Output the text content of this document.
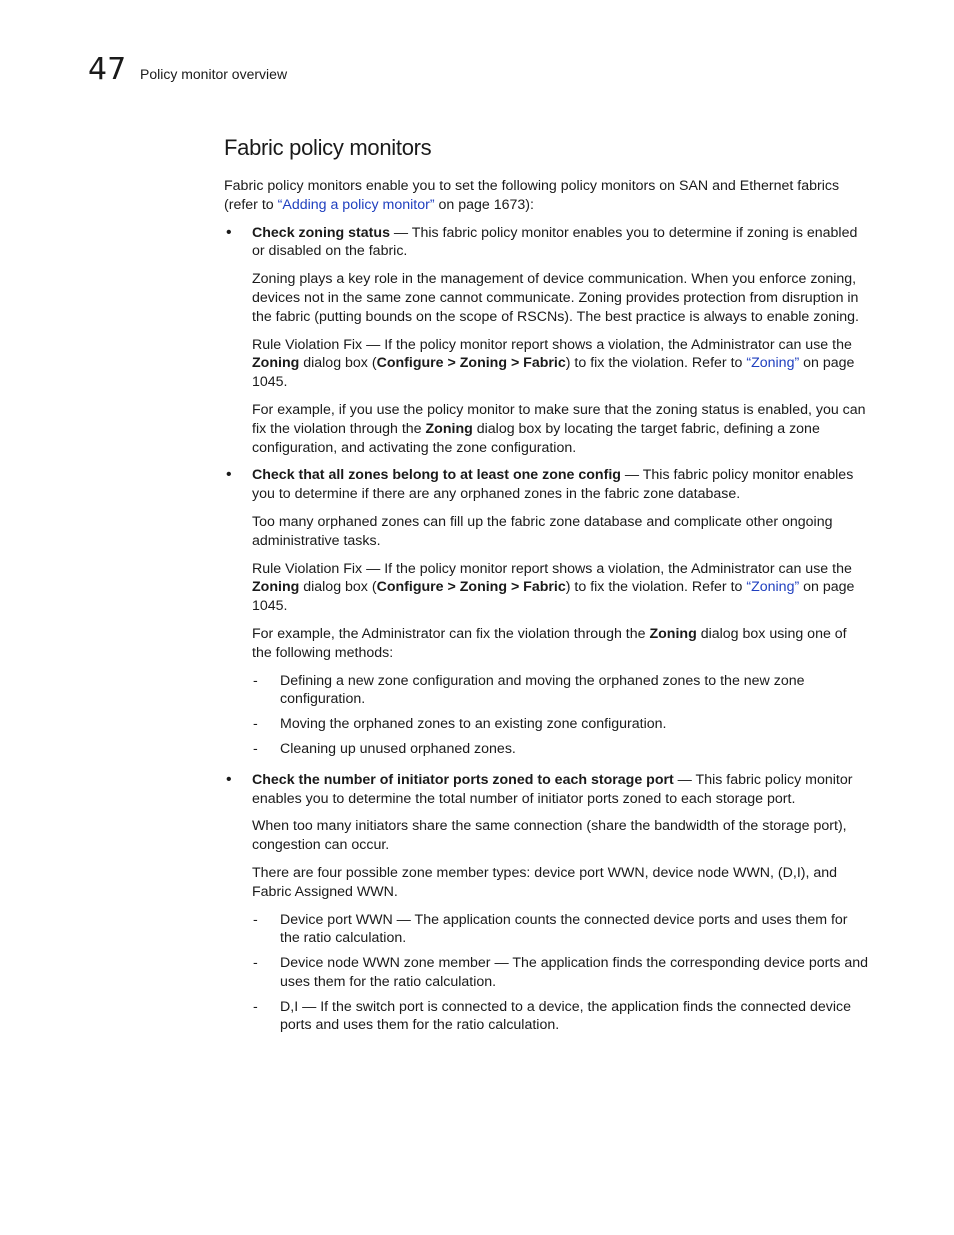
47 Policy monitor overview
Fabric policy monitors

Fabric policy monitors enable you to set the following policy monitors on SAN and Ethernet fabrics (refer to “Adding a policy monitor” on page 1673):

• Check zoning status — This fabric policy monitor enables you to determine if zoning is enabled or disabled on the fabric.

Zoning plays a key role in the management of device communication. When you enforce zoning, devices not in the same zone cannot communicate. Zoning provides protection from disruption in the fabric (putting bounds on the scope of RSCNs). The best practice is always to enable zoning.

Rule Violation Fix — If the policy monitor report shows a violation, the Administrator can use the Zoning dialog box (Configure > Zoning > Fabric) to fix the violation. Refer to “Zoning” on page 1045.

For example, if you use the policy monitor to make sure that the zoning status is enabled, you can fix the violation through the Zoning dialog box by locating the target fabric, defining a zone configuration, and activating the zone configuration.

• Check that all zones belong to at least one zone config — This fabric policy monitor enables you to determine if there are any orphaned zones in the fabric zone database.

Too many orphaned zones can fill up the fabric zone database and complicate other ongoing administrative tasks.

Rule Violation Fix — If the policy monitor report shows a violation, the Administrator can use the Zoning dialog box (Configure > Zoning > Fabric) to fix the violation. Refer to “Zoning” on page 1045.

For example, the Administrator can fix the violation through the Zoning dialog box using one of the following methods:

- Defining a new zone configuration and moving the orphaned zones to the new zone configuration.
- Moving the orphaned zones to an existing zone configuration.
- Cleaning up unused orphaned zones.
• Check the number of initiator ports zoned to each storage port — This fabric policy monitor enables you to determine the total number of initiator ports zoned to each storage port.

When too many initiators share the same connection (share the bandwidth of the storage port), congestion can occur.

There are four possible zone member types: device port WWN, device node WWN, (D,I), and Fabric Assigned WWN.

- Device port WWN — The application counts the connected device ports and uses them for the ratio calculation.
- Device node WWN zone member — The application finds the corresponding device ports and uses them for the ratio calculation.
- D,I — If the switch port is connected to a device, the application finds the connected device ports and uses them for the ratio calculation.
